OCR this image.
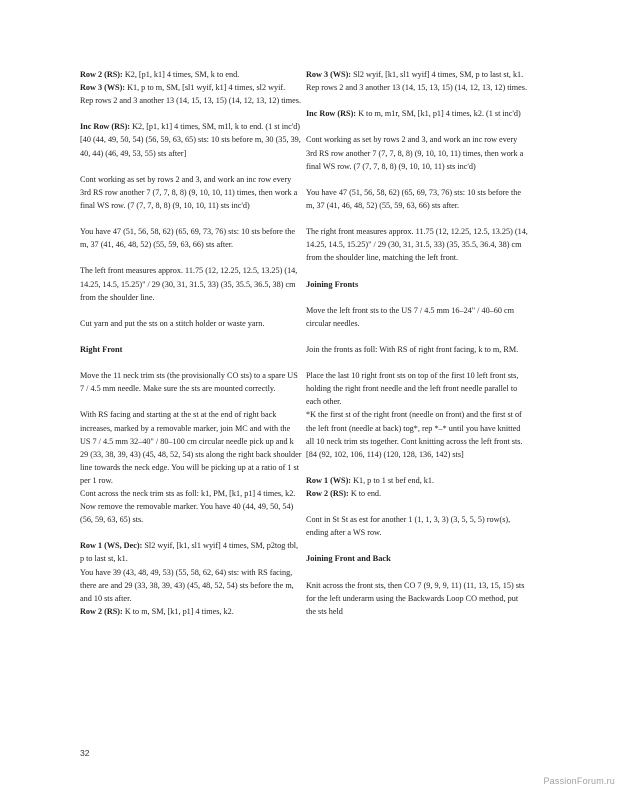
Row 2 (RS): K2, [p1, k1] 4 times, SM, k to end.

Row 3 (WS): K1, p to m, SM, [sl1 wyif, k1] 4 times, sl2 wyif.

Rep rows 2 and 3 another 13 (14, 15, 13, 15) (14, 12, 13, 12) times.

Inc Row (RS): K2, [p1, k1] 4 times, SM, m1l, k to end. (1 st inc'd) [40 (44, 49, 50, 54) (56, 59, 63, 65) sts: 10 sts before m, 30 (35, 39, 40, 44) (46, 49, 53, 55) sts after]

Cont working as set by rows 2 and 3, and work an inc row every 3rd RS row another 7 (7, 7, 8, 8) (9, 10, 10, 11) times, then work a final WS row. (7 (7, 7, 8, 8) (9, 10, 10, 11) sts inc'd)

You have 47 (51, 56, 58, 62) (65, 69, 73, 76) sts: 10 sts before the m, 37 (41, 46, 48, 52) (55, 59, 63, 66) sts after.

The left front measures approx. 11.75 (12, 12.25, 12.5, 13.25) (14, 14.25, 14.5, 15.25)" / 29 (30, 31, 31.5, 33) (35, 35.5, 36.5, 38) cm from the shoulder line.

Cut yarn and put the sts on a stitch holder or waste yarn.

Right Front

Move the 11 neck trim sts (the provisionally CO sts) to a spare US 7 / 4.5 mm needle. Make sure the sts are mounted correctly.

With RS facing and starting at the st at the end of right back increases, marked by a removable marker, join MC and with the US 7 / 4.5 mm 32–40" / 80–100 cm circular needle pick up and k 29 (33, 38, 39, 43) (45, 48, 52, 54) sts along the right back shoulder line towards the neck edge. You will be picking up at a ratio of 1 st per 1 row.

Cont across the neck trim sts as foll: k1, PM, [k1, p1] 4 times, k2. Now remove the removable marker. You have 40 (44, 49, 50, 54) (56, 59, 63, 65) sts.

Row 1 (WS, Dec): Sl2 wyif, [k1, sl1 wyif] 4 times, SM, p2tog tbl, p to last st, k1.

You have 39 (43, 48, 49, 53) (55, 58, 62, 64) sts: with RS facing, there are and 29 (33, 38, 39, 43) (45, 48, 52, 54) sts before the m, and 10 sts after.

Row 2 (RS): K to m, SM, [k1, p1] 4 times, k2.

Row 3 (WS): Sl2 wyif, [k1, sl1 wyif] 4 times, SM, p to last st, k1.

Rep rows 2 and 3 another 13 (14, 15, 13, 15) (14, 12, 13, 12) times.

Inc Row (RS): K to m, m1r, SM, [k1, p1] 4 times, k2. (1 st inc'd)

Cont working as set by rows 2 and 3, and work an inc row every 3rd RS row another 7 (7, 7, 8, 8) (9, 10, 10, 11) times, then work a final WS row. (7 (7, 7, 8, 8) (9, 10, 10, 11) sts inc'd)

You have 47 (51, 56, 58, 62) (65, 69, 73, 76) sts: 10 sts before the m, 37 (41, 46, 48, 52) (55, 59, 63, 66) sts after.

The right front measures approx. 11.75 (12, 12.25, 12.5, 13.25) (14, 14.25, 14.5, 15.25)" / 29 (30, 31, 31.5, 33) (35, 35.5, 36.4, 38) cm from the shoulder line, matching the left front.

Joining Fronts

Move the left front sts to the US 7 / 4.5 mm 16–24" / 40–60 cm circular needles.

Join the fronts as foll: With RS of right front facing, k to m, RM.

Place the last 10 right front sts on top of the first 10 left front sts, holding the right front needle and the left front needle parallel to each other.

*K the first st of the right front (needle on front) and the first st of the left front (needle at back) tog*, rep *–* until you have knitted all 10 neck trim sts together. Cont knitting across the left front sts. [84 (92, 102, 106, 114) (120, 128, 136, 142) sts]

Row 1 (WS): K1, p to 1 st bef end, k1.

Row 2 (RS): K to end.

Cont in St St as est for another 1 (1, 1, 3, 3) (3, 5, 5, 5) row(s), ending after a WS row.

Joining Front and Back

Knit across the front sts, then CO 7 (9, 9, 9, 11) (11, 13, 15, 15) sts for the left underarm using the Backwards Loop CO method, put the sts held

32
PassionForum.ru
